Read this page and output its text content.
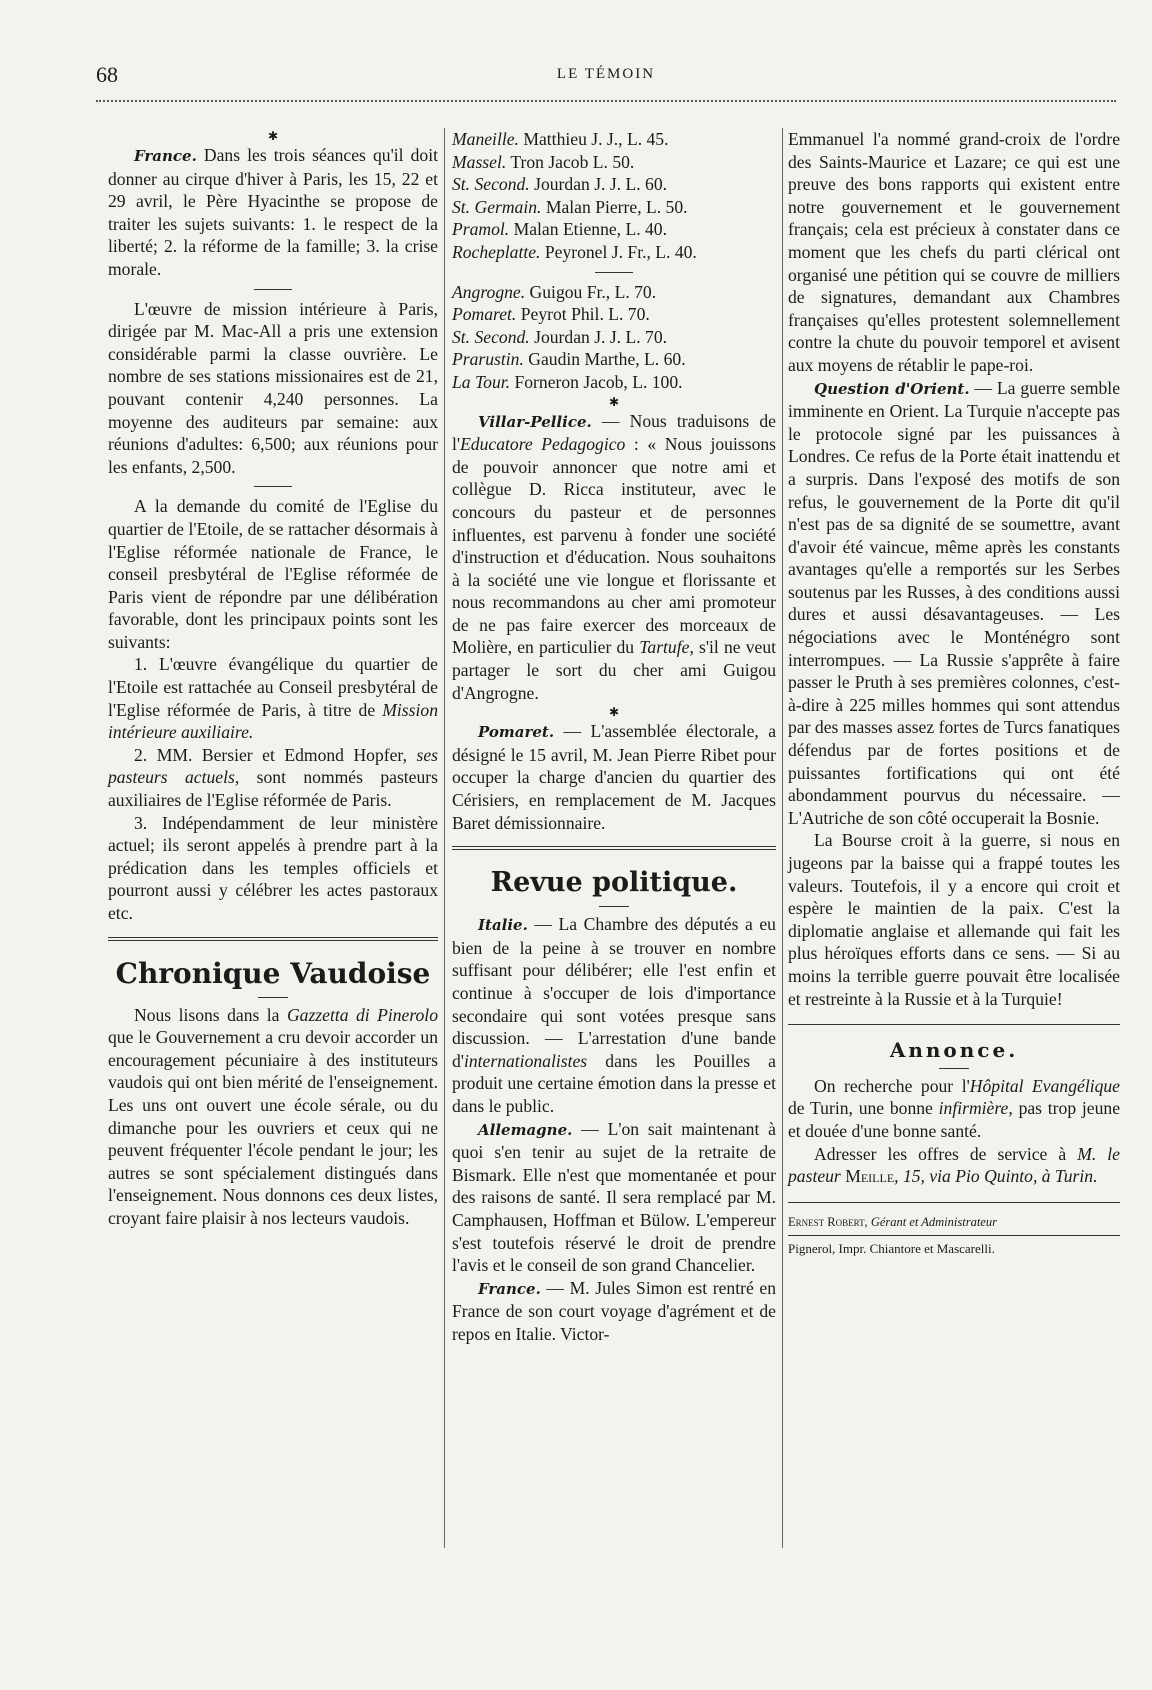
68	LE TÉMOIN
✱

France. Dans les trois séances qu'il doit donner au cirque d'hiver à Paris, les 15, 22 et 29 avril, le Père Hyacinthe se propose de traiter les sujets suivants: 1. le respect de la liberté; 2. la réforme de la famille; 3. la crise morale.

L'œuvre de mission intérieure à Paris, dirigée par M. Mac-All a pris une extension considérable parmi la classe ouvrière. Le nombre de ses stations missionaires est de 21, pouvant contenir 4,240 personnes. La moyenne des auditeurs par semaine: aux réunions d'adultes: 6,500; aux réunions pour les enfants, 2,500.

A la demande du comité de l'Eglise du quartier de l'Etoile, de se rattacher désormais à l'Eglise réformée nationale de France, le conseil presbytéral de l'Eglise réformée de Paris vient de répondre par une délibération favorable, dont les principaux points sont les suivants:

1. L'œuvre évangélique du quartier de l'Etoile est rattachée au Conseil presbytéral de l'Eglise réformée de Paris, à titre de Mission intérieure auxiliaire.

2. MM. Bersier et Edmond Hopfer, ses pasteurs actuels, sont nommés pasteurs auxiliaires de l'Eglise réformée de Paris.

3. Indépendamment de leur ministère actuel; ils seront appelés à prendre part à la prédication dans les temples officiels et pourront aussi y célébrer les actes pastoraux etc.

Chronique Vaudoise

Nous lisons dans la Gazzetta di Pinerolo que le Gouvernement a cru devoir accorder un encouragement pécuniaire à des instituteurs vaudois qui ont bien mérité de l'enseignement. Les uns ont ouvert une école sérale, ou du dimanche pour les ouvriers et ceux qui ne peuvent fréquenter l'école pendant le jour; les autres se sont spécialement distingués dans l'enseignement. Nous donnons ces deux listes, croyant faire plaisir à nos lecteurs vaudois.

Maneille. Matthieu J. J., L. 45.
Massel. Tron Jacob L. 50.
St. Second. Jourdan J. J. L. 60.
St. Germain. Malan Pierre, L. 50.
Pramol. Malan Etienne, L. 40.
Rocheplatte. Peyronel J. Fr., L. 40.
Angrogne. Guigou Fr., L. 70.
Pomaret. Peyrot Phil. L. 70.
St. Second. Jourdan J. J. L. 70.
Prarustin. Gaudin Marthe, L. 60.
La Tour. Forneron Jacob, L. 100.
✱

Villar-Pellice. — Nous traduisons de l'Educatore Pedagogico : « Nous jouissons de pouvoir annoncer que notre ami et collègue D. Ricca instituteur, avec le concours du pasteur et de personnes influentes, est parvenu à fonder une société d'instruction et d'éducation. Nous souhaitons à la société une vie longue et florissante et nous recommandons au cher ami promoteur de ne pas faire exercer des morceaux de Molière, en particulier du Tartufe, s'il ne veut partager le sort du cher ami Guigou d'Angrogne.

✱

Pomaret. — L'assemblée électorale, a désigné le 15 avril, M. Jean Pierre Ribet pour occuper la charge d'ancien du quartier des Cérisiers, en remplacement de M. Jacques Baret démissionnaire.

Revue politique.

Italie. — La Chambre des députés a eu bien de la peine à se trouver en nombre suffisant pour délibérer; elle l'est enfin et continue à s'occuper de lois d'importance secondaire qui sont votées presque sans discussion. — L'arrestation d'une bande d'internationalistes dans les Pouilles a produit une certaine émotion dans la presse et dans le public.

Allemagne. — L'on sait maintenant à quoi s'en tenir au sujet de la retraite de Bismark. Elle n'est que momentanée et pour des raisons de santé. Il sera remplacé par M. Camphausen, Hoffman et Bülow. L'empereur s'est toutefois réservé le droit de prendre l'avis et le conseil de son grand Chancelier.

France. — M. Jules Simon est rentré en France de son court voyage d'agrément et de repos en Italie. Victor-

Emmanuel l'a nommé grand-croix de l'ordre des Saints-Maurice et Lazare; ce qui est une preuve des bons rapports qui existent entre notre gouvernement et le gouvernement français; cela est précieux à constater dans ce moment que les chefs du parti clérical ont organisé une pétition qui se couvre de milliers de signatures, demandant aux Chambres françaises qu'elles protestent solemnellement contre la chute du pouvoir temporel et avisent aux moyens de rétablir le pape-roi.

Question d'Orient. — La guerre semble imminente en Orient. La Turquie n'accepte pas le protocole signé par les puissances à Londres. Ce refus de la Porte était inattendu et a surpris. Dans l'exposé des motifs de son refus, le gouvernement de la Porte dit qu'il n'est pas de sa dignité de se soumettre, avant d'avoir été vaincue, même après les constants avantages qu'elle a remportés sur les Serbes soutenus par les Russes, à des conditions aussi dures et aussi désavantageuses. — Les négociations avec le Monténégro sont interrompues. — La Russie s'apprête à faire passer le Pruth à ses premières colonnes, c'est-à-dire à 225 milles hommes qui sont attendus par des masses assez fortes de Turcs fanatiques défendus par de fortes positions et de puissantes fortifications qui ont été abondamment pourvus du nécessaire. — L'Autriche de son côté occuperait la Bosnie.

La Bourse croit à la guerre, si nous en jugeons par la baisse qui a frappé toutes les valeurs. Toutefois, il y a encore qui croit et espère le maintien de la paix. C'est la diplomatie anglaise et allemande qui fait les plus héroïques efforts dans ce sens. — Si au moins la terrible guerre pouvait être localisée et restreinte à la Russie et à la Turquie!

Annonce.

On recherche pour l'Hôpital Evangélique de Turin, une bonne infirmière, pas trop jeune et douée d'une bonne santé.

Adresser les offres de service à M. le pasteur Meille, 15, via Pio Quinto, à Turin.

Ernest Robert, Gérant et Administrateur

Pignerol, Impr. Chiantore et Mascarelli.
